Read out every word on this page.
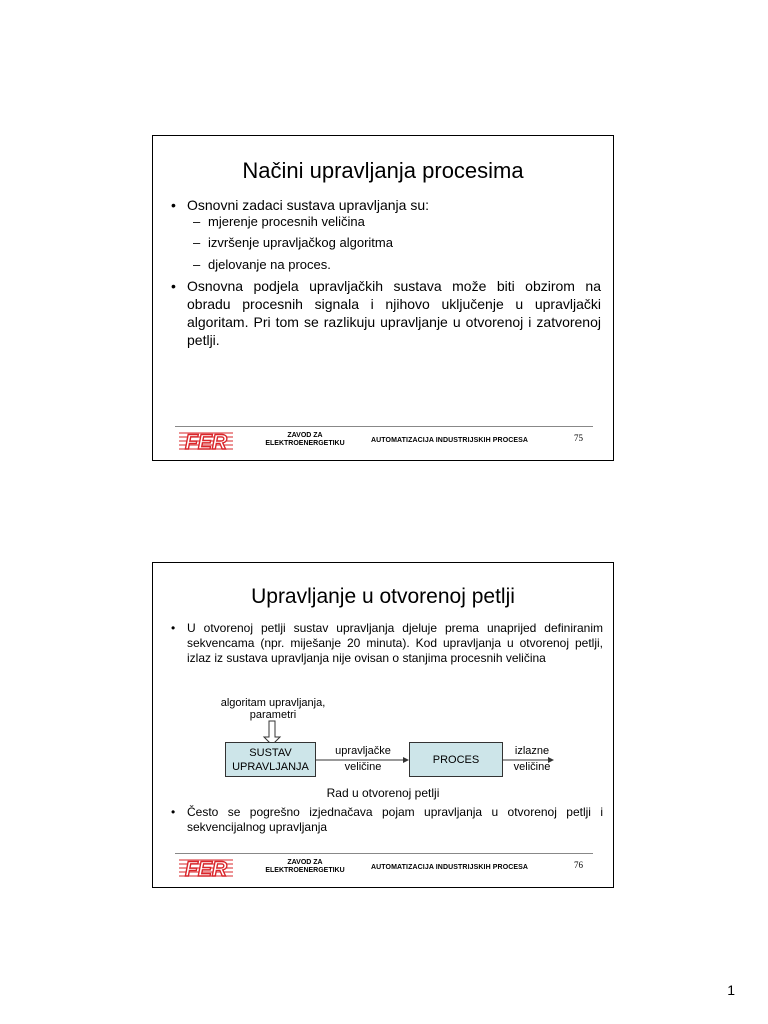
Načini upravljanja procesima
• Osnovni zadaci sustava upravljanja su:
– mjerenje procesnih veličina
– izvršenje upravljačkog algoritma
– djelovanje na proces.
• Osnovna podjela upravljačkih sustava može biti obzirom na obradu procesnih signala i njihovo uključenje u upravljački algoritam. Pri tom se razlikuju upravljanje u otvorenoj i zatvorenoj petlji.
FER	ZAVOD ZA
ELEKTROENERGETIKU	AUTOMATIZACIJA INDUSTRIJSKIH PROCESA	75
Upravljanje u otvorenoj petlji
• U otvorenoj petlji sustav upravljanja djeluje prema unaprijed definiranim sekvencama (npr. miješanje 20 minuta). Kod upravljanja u otvorenoj petlji, izlaz iz sustava upravljanja nije ovisan o stanjima procesnih veličina
algoritam upravljanja,
parametri
SUSTAV
UPRAVLJANJA
upravljačke
veličine
PROCES
izlazne
veličine
Rad u otvorenoj petlji
• Često se pogrešno izjednačava pojam upravljanja u otvorenoj petlji i sekvencijalnog upravljanja
FER	ZAVOD ZA
ELEKTROENERGETIKU	AUTOMATIZACIJA INDUSTRIJSKIH PROCESA	76
1
